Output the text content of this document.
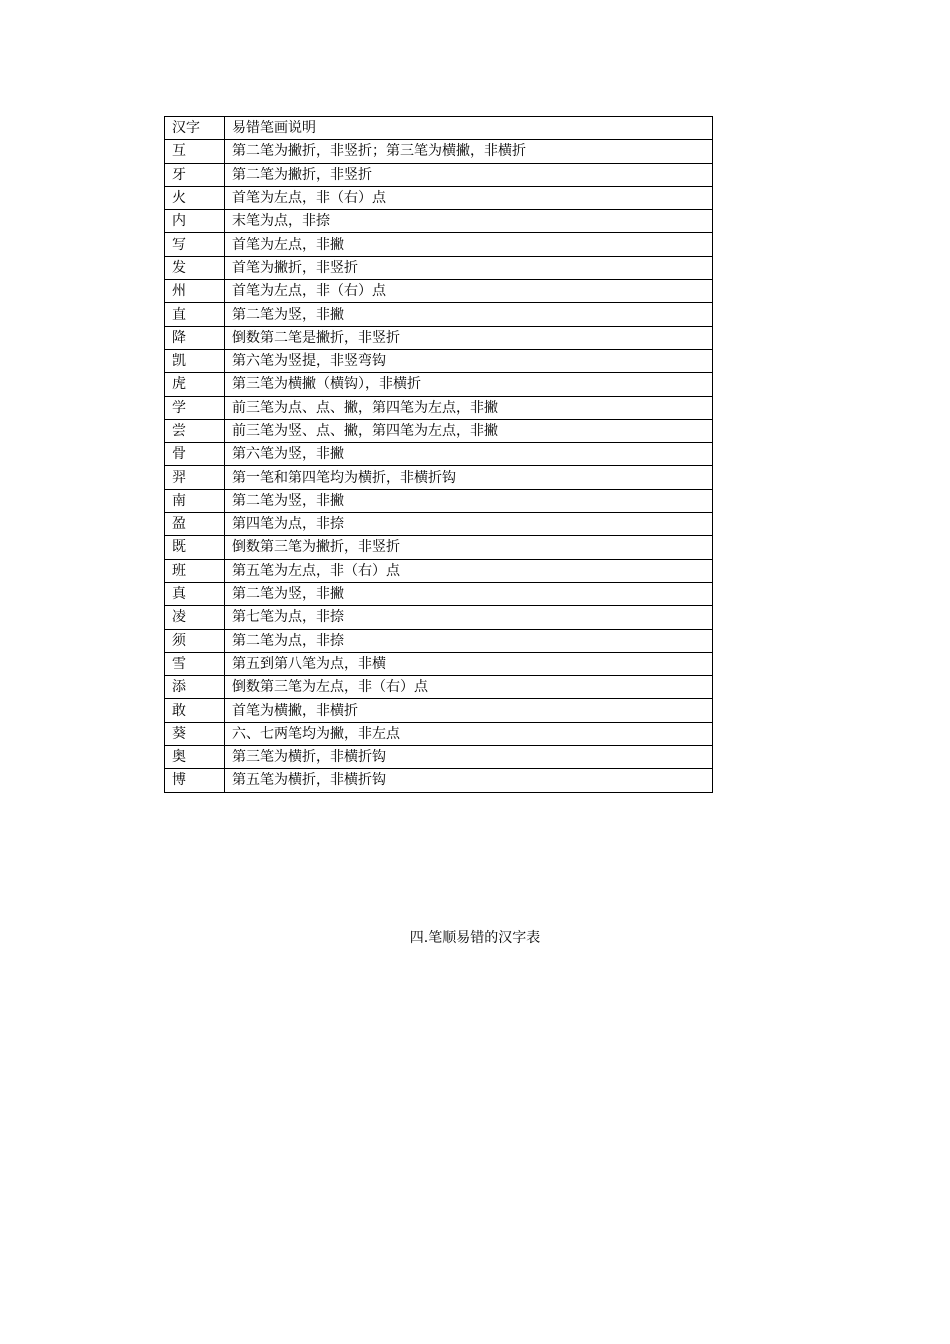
汉字	易错笔画说明
互	第二笔为撇折，非竖折；第三笔为横撇，非横折
牙	第二笔为撇折，非竖折
火	首笔为左点，非（右）点
内	末笔为点，非捺
写	首笔为左点，非撇
发	首笔为撇折，非竖折
州	首笔为左点，非（右）点
直	第二笔为竖，非撇
降	倒数第二笔是撇折，非竖折
凯	第六笔为竖提，非竖弯钩
虎	第三笔为横撇（横钩），非横折
学	前三笔为点、点、撇，第四笔为左点，非撇
尝	前三笔为竖、点、撇，第四笔为左点，非撇
骨	第六笔为竖，非撇
羿	第一笔和第四笔均为横折，非横折钩
南	第二笔为竖，非撇
盈	第四笔为点，非捺
既	倒数第三笔为撇折，非竖折
班	第五笔为左点，非（右）点
真	第二笔为竖，非撇
凌	第七笔为点，非捺
须	第二笔为点，非捺
雪	第五到第八笔为点，非横
添	倒数第三笔为左点，非（右）点
敢	首笔为横撇，非横折
葵	六、七两笔均为撇，非左点
奥	第三笔为横折，非横折钩
博	第五笔为横折，非横折钩
四.笔顺易错的汉字表
